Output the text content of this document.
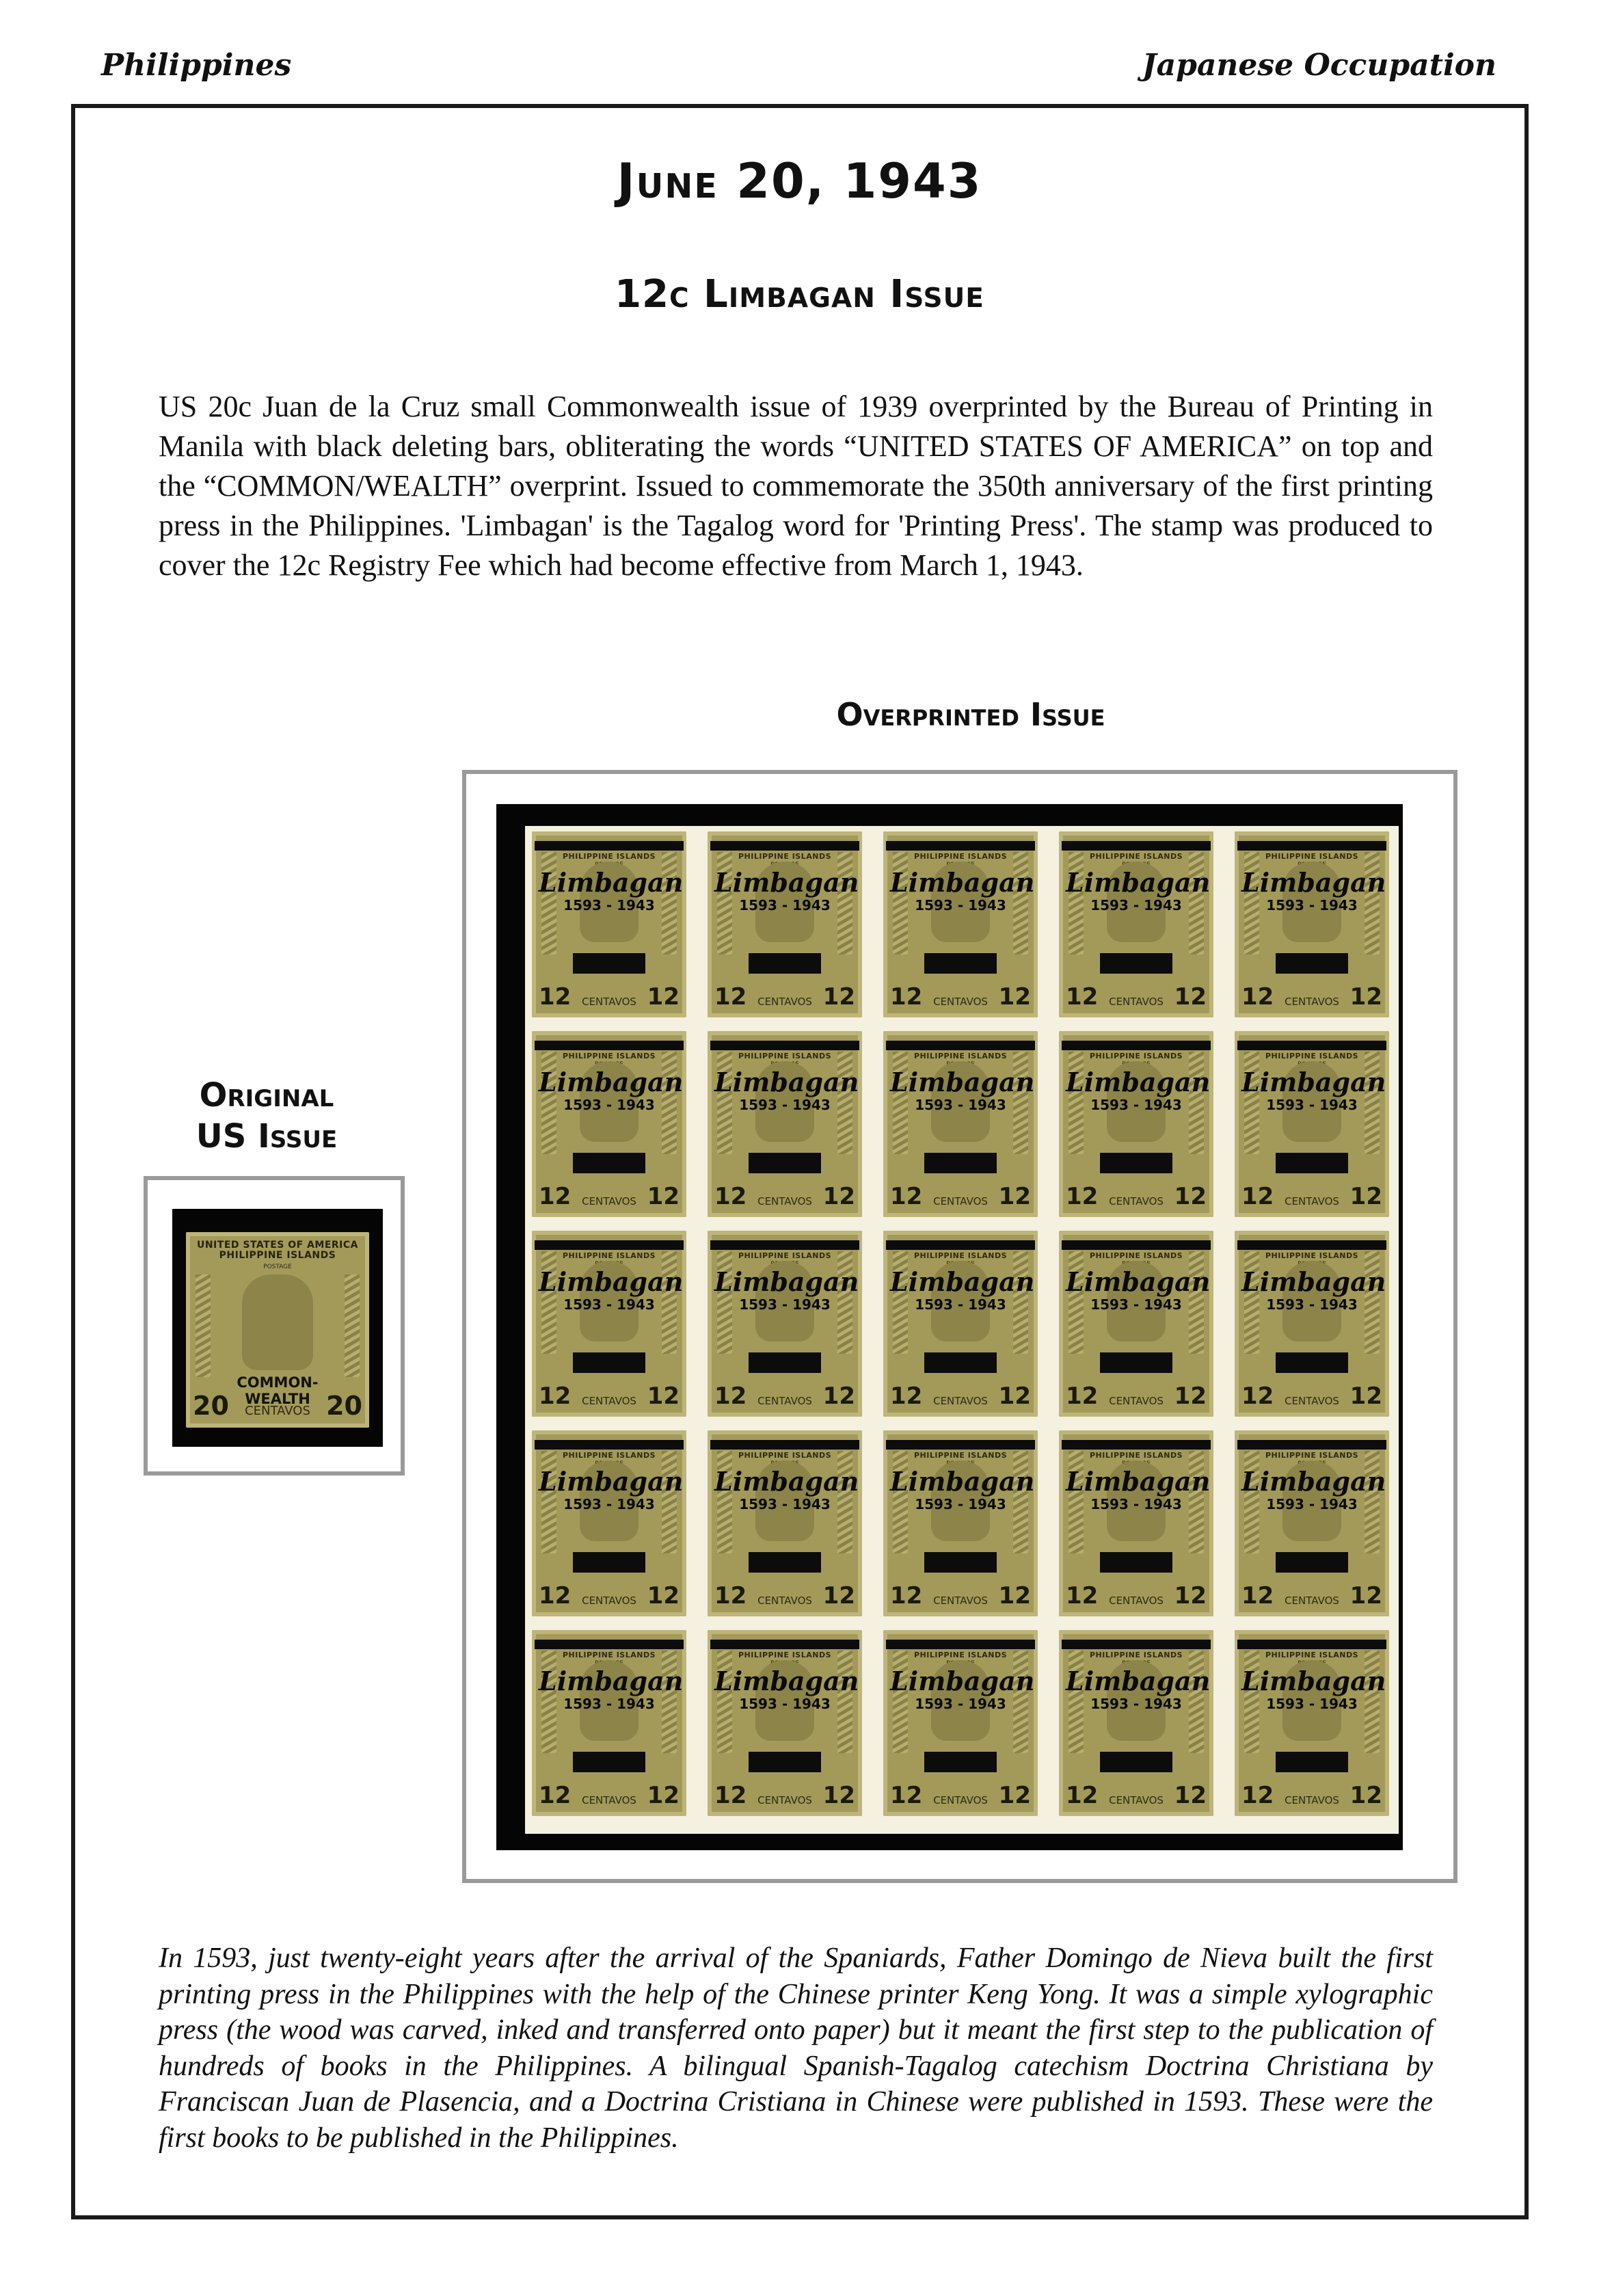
Philippines	Japanese Occupation
June 20, 1943
12c Limbagan Issue
US 20c Juan de la Cruz small Commonwealth issue of 1939 overprinted by the Bureau of Printing in Manila with black deleting bars, obliterating the words “UNITED STATES OF AMERICA” on top and the “COMMON/WEALTH” overprint. Issued to commemorate the 350th anniversary of the first printing press in the Philippines. 'Limbagan' is the Tagalog word for 'Printing Press'. The stamp was produced to cover the 12c Registry Fee which had become effective from March 1, 1943.
Overprinted Issue
Original
US Issue
UNITED STATES OF AMERICA
PHILIPPINE ISLANDS
POSTAGE
COMMON-
WEALTH
20	CENTAVOS 20
PHILIPPINE ISLANDS
Limbagan
1593 - 1943
12	CENTAVOS 12
PHILIPPINE ISLANDS
Limbagan
1593 - 1943
12	CENTAVOS 12
PHILIPPINE ISLANDS
Limbagan
1593 - 1943
12	CENTAVOS 12
PHILIPPINE ISLANDS
Limbagan
1593 - 1943
12	CENTAVOS 12
PHILIPPINE ISLANDS
Limbagan
1593 - 1943
12	CENTAVOS 12
PHILIPPINE ISLANDS
Limbagan
1593 - 1943
12	CENTAVOS 12
PHILIPPINE ISLANDS
Limbagan
1593 - 1943
12	CENTAVOS 12
PHILIPPINE ISLANDS
Limbagan
1593 - 1943
12	CENTAVOS 12
PHILIPPINE ISLANDS
Limbagan
1593 - 1943
12	CENTAVOS 12
PHILIPPINE ISLANDS
Limbagan
1593 - 1943
12	CENTAVOS 12
PHILIPPINE ISLANDS
Limbagan
1593 - 1943
12	CENTAVOS 12
PHILIPPINE ISLANDS
Limbagan
1593 - 1943
12	CENTAVOS 12
PHILIPPINE ISLANDS
Limbagan
1593 - 1943
12	CENTAVOS 12
PHILIPPINE ISLANDS
Limbagan
1593 - 1943
12	CENTAVOS 12
PHILIPPINE ISLANDS
Limbagan
1593 - 1943
12	CENTAVOS 12
PHILIPPINE ISLANDS
Limbagan
1593 - 1943
12	CENTAVOS 12
PHILIPPINE ISLANDS
Limbagan
1593 - 1943
12	CENTAVOS 12
PHILIPPINE ISLANDS
Limbagan
1593 - 1943
12	CENTAVOS 12
PHILIPPINE ISLANDS
Limbagan
1593 - 1943
12	CENTAVOS 12
PHILIPPINE ISLANDS
Limbagan
1593 - 1943
12	CENTAVOS 12
PHILIPPINE ISLANDS
Limbagan
1593 - 1943
12	CENTAVOS 12
PHILIPPINE ISLANDS
Limbagan
1593 - 1943
12	CENTAVOS 12
PHILIPPINE ISLANDS
Limbagan
1593 - 1943
12	CENTAVOS 12
PHILIPPINE ISLANDS
Limbagan
1593 - 1943
12	CENTAVOS 12
PHILIPPINE ISLANDS
Limbagan
1593 - 1943
12	CENTAVOS 12
In 1593, just twenty-eight years after the arrival of the Spaniards, Father Domingo de Nieva built the first printing press in the Philippines with the help of the Chinese printer Keng Yong. It was a simple xylographic press (the wood was carved, inked and transferred onto paper) but it meant the first step to the publication of hundreds of books in the Philippines. A bilingual Spanish-Tagalog catechism Doctrina Christiana by Franciscan Juan de Plasencia, and a Doctrina Cristiana in Chinese were published in 1593. These were the first books to be published in the Philippines.
